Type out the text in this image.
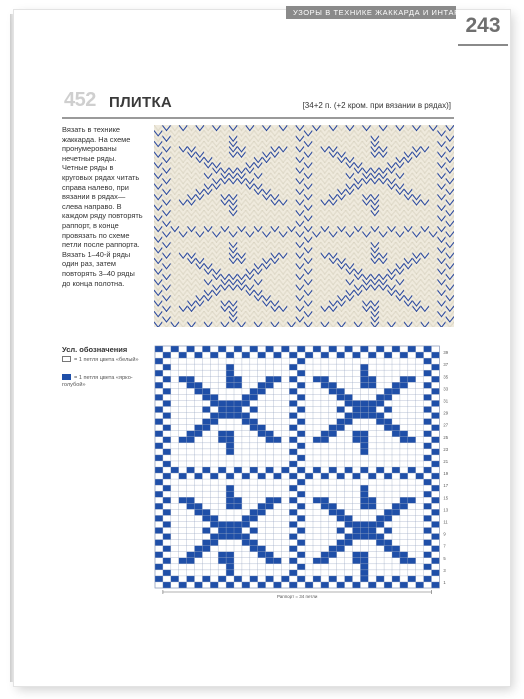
УЗОРЫ В ТЕХНИКЕ ЖАККАРДА И ИНТАРСИИ
243
452 ПЛИТКА	[34+2 п. (+2 кром. при вязании в рядах)]
Вязать в технике жаккарда. На схеме пронумерованы нечетные ряды. Четные ряды в круговых рядах читать справа налево, при вязании в рядах—слева направо. В каждом ряду повторять раппорт, в конце провязать по схеме петли после раппорта. Вязать 1–40-й ряды один раз, затем повторять 3–40 ряды до конца полотна.
Усл. обозначения
= 1 петля цвета «белый»
= 1 петля цвета «ярко-голубой»
39
37
35
33
31
29
27
25
23
21
19
17
15
13
11
9
7
5
3
1
Раппорт = 34 петли
